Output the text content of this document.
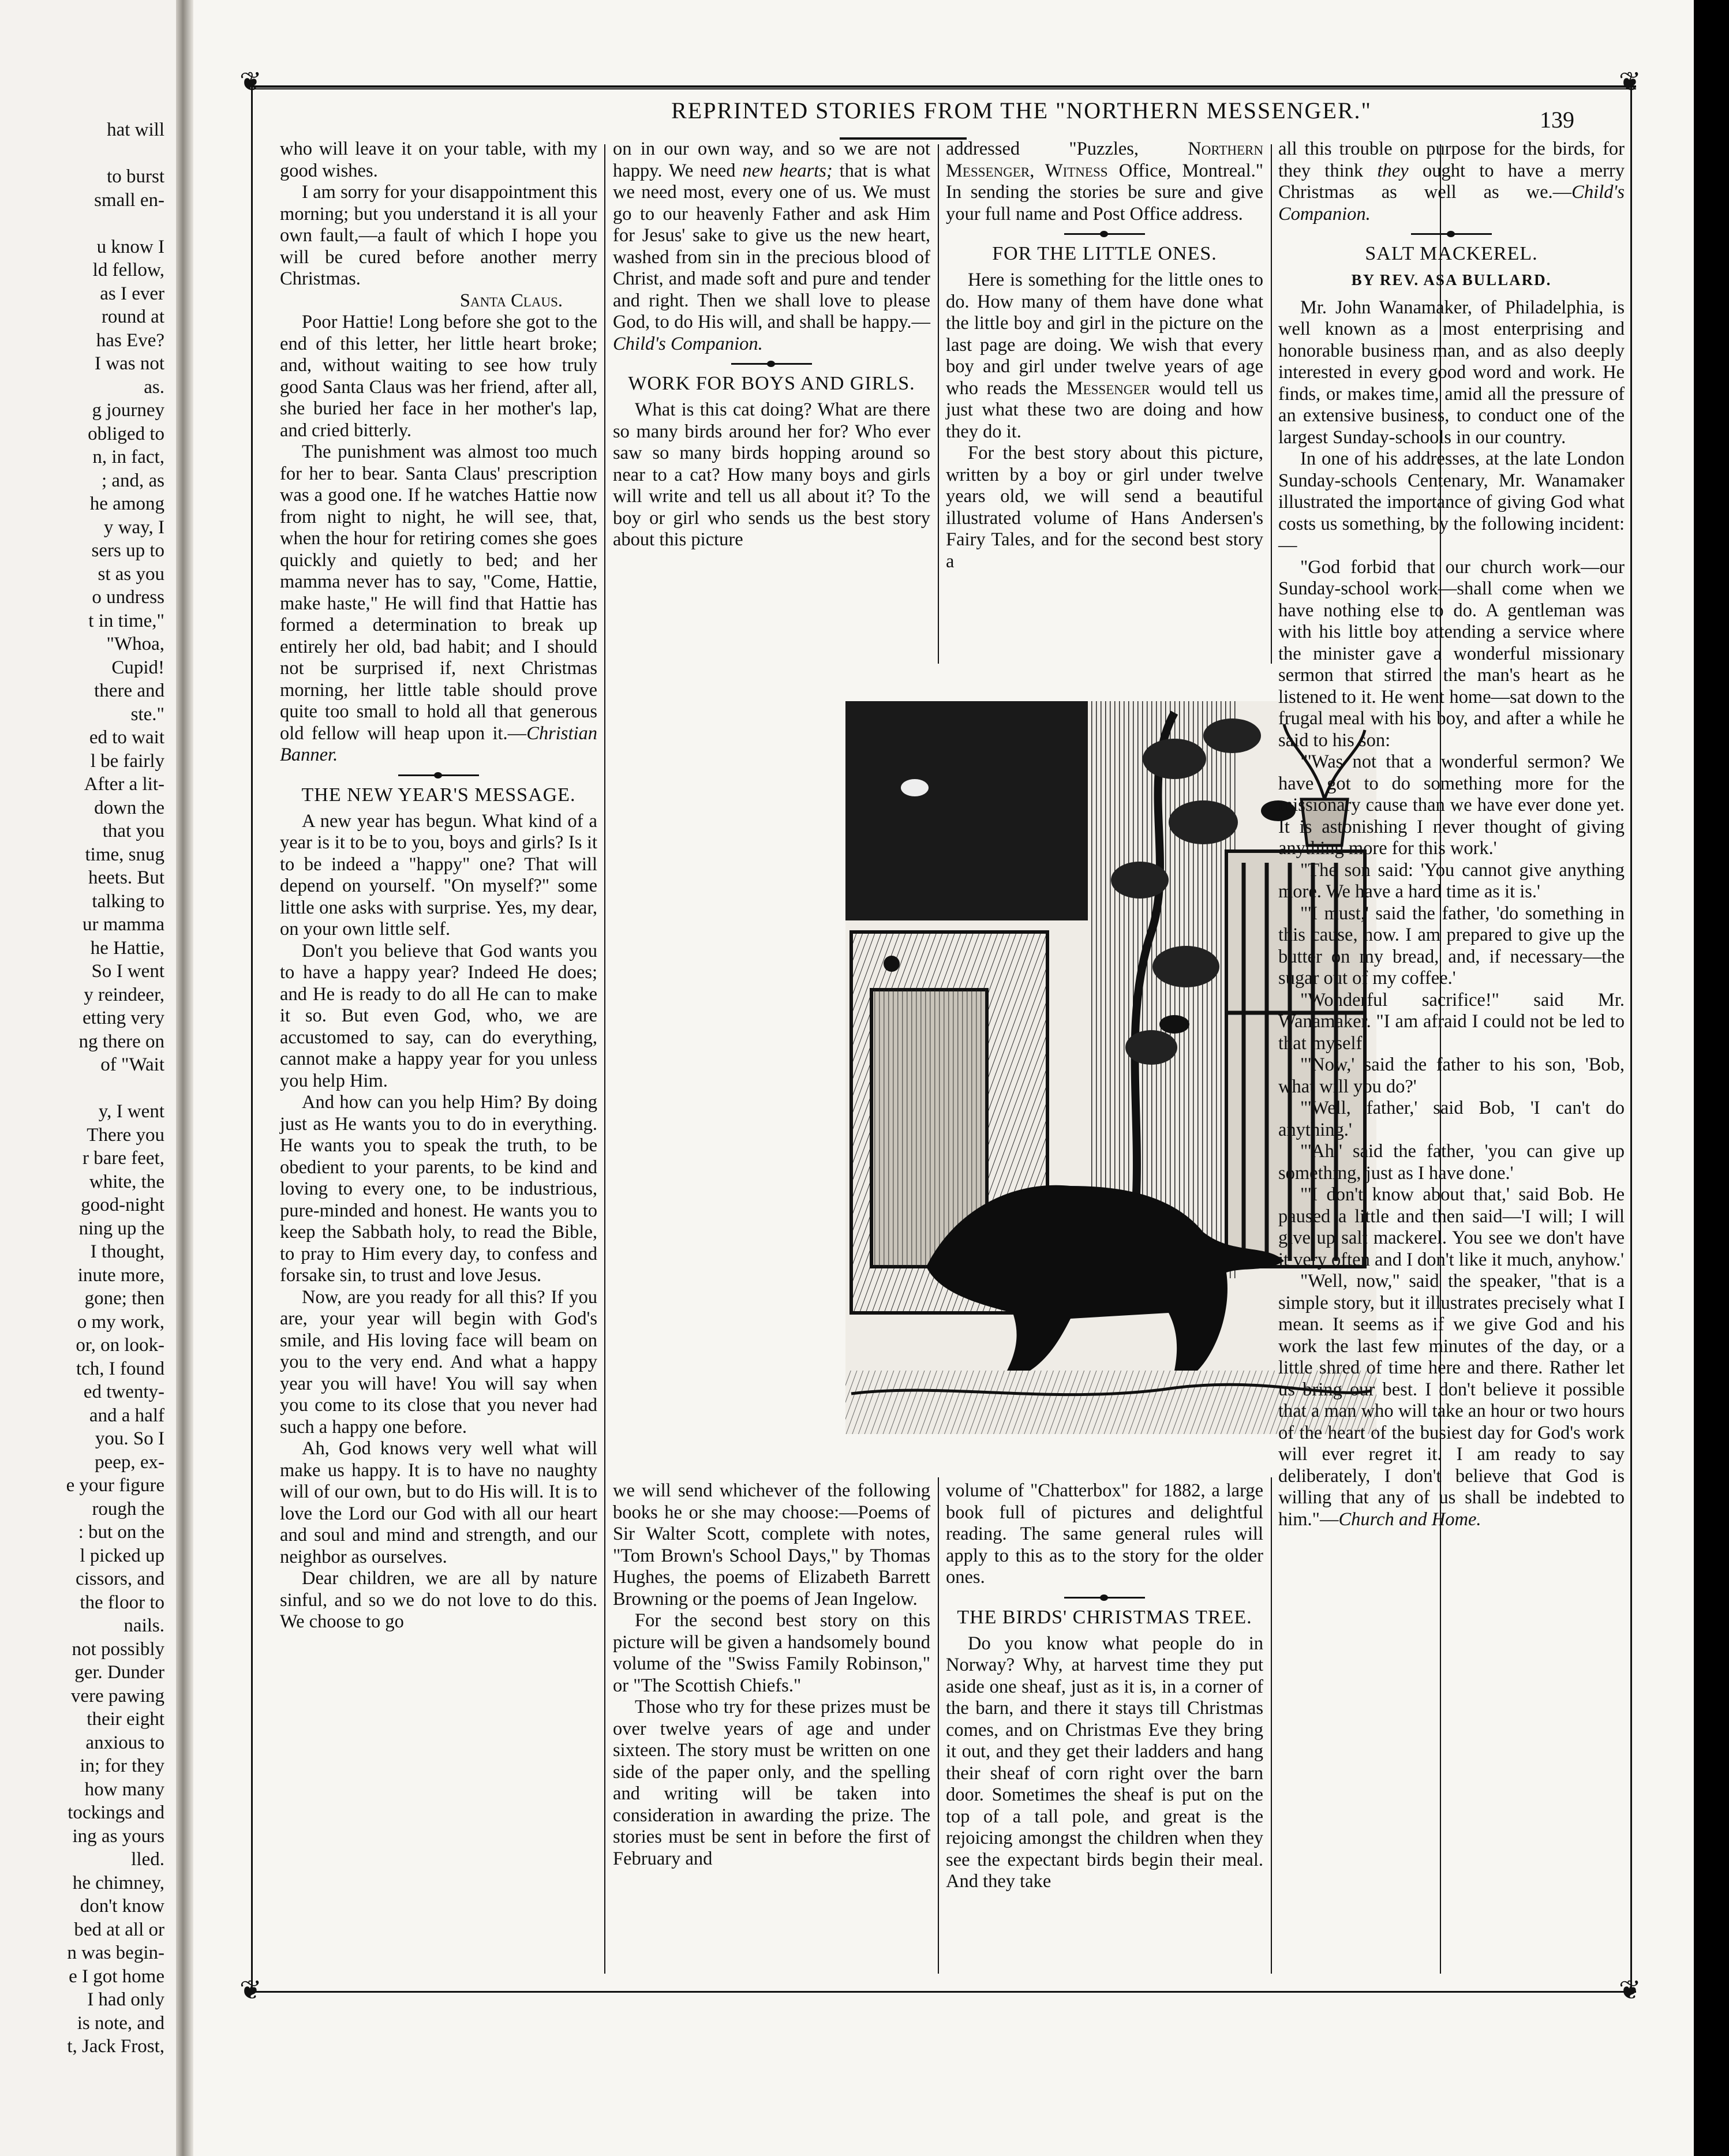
hat will

to burst
small en-

u know I
ld fellow,
as I ever
round at
has Eve?
I was not
as.
g journey
obliged to
n, in fact,
; and, as
he among
y way, I
sers up to
st as you
o undress
t in time,"
"Whoa,
Cupid!
there and
ste."
ed to wait
l be fairly
After a lit-
down the
that you
time, snug
heets. But
talking to
ur mamma
he Hattie,
So I went
y reindeer,
etting very
ng there on
of "Wait

y, I went
There you
r bare feet,
white, the
good-night
ning up the
I thought,
inute more,
gone; then
o my work,
or, on look-
tch, I found
ed twenty-
and a half
you. So I
peep, ex-
e your figure
rough the
: but on the
l picked up
cissors, and
the floor to
nails.
not possibly
ger. Dunder
vere pawing
their eight
anxious to
in; for they
how many
tockings and
ing as yours
lled.
he chimney,
don't know
bed at all or
n was begin-
e I got home
I had only
is note, and
t, Jack Frost,
❦	❦
❦	❦
REPRINTED STORIES FROM THE "NORTHERN MESSENGER."	139

who will leave it on your table, with my good wishes.

I am sorry for your disappointment this morning; but you understand it is all your own fault,—a fault of which I hope you will be cured before another merry Christmas.

Santa Claus.

Poor Hattie! Long before she got to the end of this letter, her little heart broke; and, without waiting to see how truly good Santa Claus was her friend, after all, she buried her face in her mother's lap, and cried bitterly.

The punishment was almost too much for her to bear. Santa Claus' prescription was a good one. If he watches Hattie now from night to night, he will see, that, when the hour for retiring comes she goes quickly and quietly to bed; and her mamma never has to say, "Come, Hattie, make haste," He will find that Hattie has formed a determination to break up entirely her old, bad habit; and I should not be surprised if, next Christmas morning, her little table should prove quite too small to hold all that generous old fellow will heap upon it.—Christian Banner.

THE NEW YEAR'S MESSAGE.

A new year has begun. What kind of a year is it to be to you, boys and girls? Is it to be indeed a "happy" one? That will depend on yourself. "On myself?" some little one asks with surprise. Yes, my dear, on your own little self.

Don't you believe that God wants you to have a happy year? Indeed He does; and He is ready to do all He can to make it so. But even God, who, we are accustomed to say, can do everything, cannot make a happy year for you unless you help Him.

And how can you help Him? By doing just as He wants you to do in everything. He wants you to speak the truth, to be obedient to your parents, to be kind and loving to every one, to be industrious, pure-minded and honest. He wants you to keep the Sabbath holy, to read the Bible, to pray to Him every day, to confess and forsake sin, to trust and love Jesus.

Now, are you ready for all this? If you are, your year will begin with God's smile, and His loving face will beam on you to the very end. And what a happy year you will have! You will say when you come to its close that you never had such a happy one before.

Ah, God knows very well what will make us happy. It is to have no naughty will of our own, but to do His will. It is to love the Lord our God with all our heart and soul and mind and strength, and our neighbor as ourselves.

Dear children, we are all by nature sinful, and so we do not love to do this. We choose to go

on in our own way, and so we are not happy. We need new hearts; that is what we need most, every one of us. We must go to our heavenly Father and ask Him for Jesus' sake to give us the new heart, washed from sin in the precious blood of Christ, and made soft and pure and tender and right. Then we shall love to please God, to do His will, and shall be happy.—Child's Companion.

WORK FOR BOYS AND GIRLS.

What is this cat doing? What are there so many birds around her for? Who ever saw so many birds hopping around so near to a cat? How many boys and girls will write and tell us all about it? To the boy or girl who sends us the best story about this picture

addressed "Puzzles, Northern Messenger, Witness Office, Montreal." In sending the stories be sure and give your full name and Post Office address.

FOR THE LITTLE ONES.

Here is something for the little ones to do. How many of them have done what the little boy and girl in the picture on the last page are doing. We wish that every boy and girl under twelve years of age who reads the Messenger would tell us just what these two are doing and how they do it.

For the best story about this picture, written by a boy or girl under twelve years old, we will send a beautiful illustrated volume of Hans Andersen's Fairy Tales, and for the second best story a

we will send whichever of the following books he or she may choose:—Poems of Sir Walter Scott, complete with notes, "Tom Brown's School Days," by Thomas Hughes, the poems of Elizabeth Barrett Browning or the poems of Jean Ingelow.

For the second best story on this picture will be given a handsomely bound volume of the "Swiss Family Robinson," or "The Scottish Chiefs."

Those who try for these prizes must be over twelve years of age and under sixteen. The story must be written on one side of the paper only, and the spelling and writing will be taken into consideration in awarding the prize. The stories must be sent in before the first of February and

volume of "Chatterbox" for 1882, a large book full of pictures and delightful reading. The same general rules will apply to this as to the story for the older ones.

THE BIRDS' CHRISTMAS TREE.

Do you know what people do in Norway? Why, at harvest time they put aside one sheaf, just as it is, in a corner of the barn, and there it stays till Christmas comes, and on Christmas Eve they bring it out, and they get their ladders and hang their sheaf of corn right over the barn door. Sometimes the sheaf is put on the top of a tall pole, and great is the rejoicing amongst the children when they see the expectant birds begin their meal. And they take

all this trouble on purpose for the birds, for they think they ought to have a merry Christmas as well as we.—Child's Companion.

SALT MACKEREL.
BY REV. ASA BULLARD.

Mr. John Wanamaker, of Philadelphia, is well known as a most enterprising and honorable business man, and as also deeply interested in every good word and work. He finds, or makes time, amid all the pressure of an extensive business, to conduct one of the largest Sunday-schools in our country.

In one of his addresses, at the late London Sunday-schools Centenary, Mr. Wanamaker illustrated the importance of giving God what costs us something, by the following incident:—

"God forbid that our church work—our Sunday-school work—shall come when we have nothing else to do. A gentleman was with his little boy attending a service where the minister gave a wonderful missionary sermon that stirred the man's heart as he listened to it. He went home—sat down to the frugal meal with his boy, and after a while he said to his son:

"'Was not that a wonderful sermon? We have got to do something more for the missionary cause than we have ever done yet. It is astonishing I never thought of giving anything more for this work.'

"The son said: 'You cannot give anything more. We have a hard time as it is.'

"'I must,' said the father, 'do something in this cause, now. I am prepared to give up the butter on my bread, and, if necessary—the sugar out of my coffee.'

"Wonderful sacrifice!" said Mr. Wanamaker. "I am afraid I could not be led to that myself.

"'Now,' said the father to his son, 'Bob, what will you do?'

"'Well, father,' said Bob, 'I can't do anything.'

"'Ah,' said the father, 'you can give up something, just as I have done.'

"'I don't know about that,' said Bob. He paused a little and then said—'I will; I will give up salt mackerel. You see we don't have it very often and I don't like it much, anyhow.'

"Well, now," said the speaker, "that is a simple story, but it illustrates precisely what I mean. It seems as if we give God and his work the last few minutes of the day, or a little shred of time here and there. Rather let us bring our best. I don't believe it possible that a man who will take an hour or two hours of the heart of the busiest day for God's work will ever regret it. I am ready to say deliberately, I don't believe that God is willing that any of us shall be indebted to him."—Church and Home.
